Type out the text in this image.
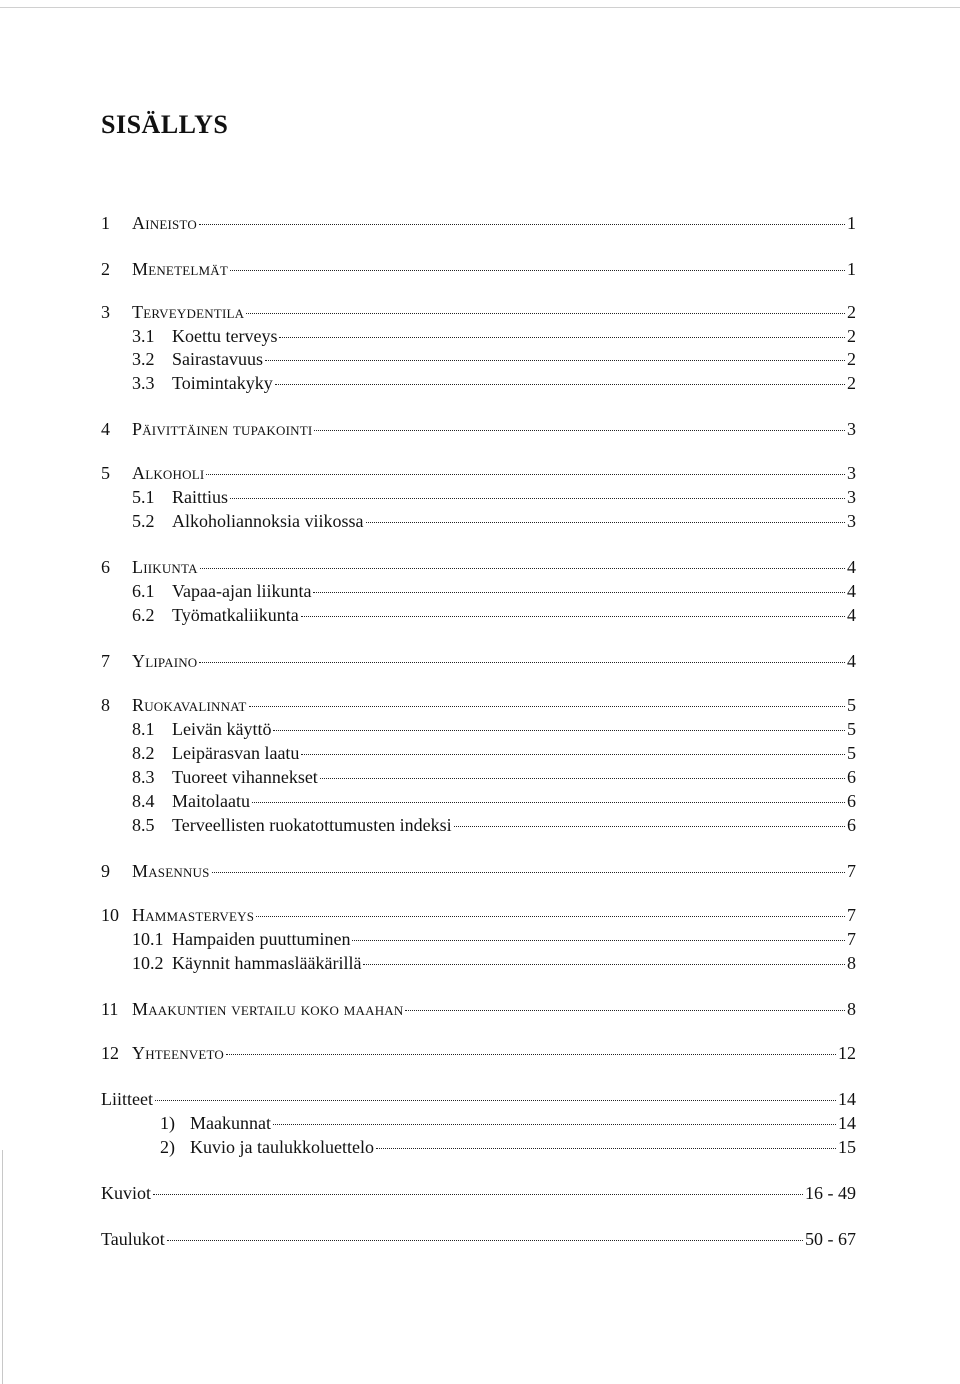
SISÄLLYS
1	Aineisto	1
2	Menetelmät	1
3	Terveydentila	2
3.1 Koettu terveys	2
3.2 Sairastavuus	2
3.3 Toimintakyky	2
4	Päivittäinen tupakointi	3
5	Alkoholi	3
5.1 Raittius	3
5.2 Alkoholiannoksia viikossa	3
6	Liikunta	4
6.1 Vapaa-ajan liikunta	4
6.2 Työmatkaliikunta	4
7	Ylipaino	4
8	Ruokavalinnat	5
8.1 Leivän käyttö	5
8.2 Leipärasvan laatu	5
8.3 Tuoreet vihannekset	6
8.4 Maitolaatu	6
8.5 Terveellisten ruokatottumusten indeksi	6
9	Masennus	7
10 Hammasterveys	7
10.1 Hampaiden puuttuminen	7
10.2 Käynnit hammaslääkärillä	8
11 Maakuntien vertailu koko maahan	8
12 Yhteenveto	12
Liitteet	14
1) Maakunnat	14
2) Kuvio ja taulukkoluettelo	15
Kuviot	16 - 49
Taulukot	50 - 67
